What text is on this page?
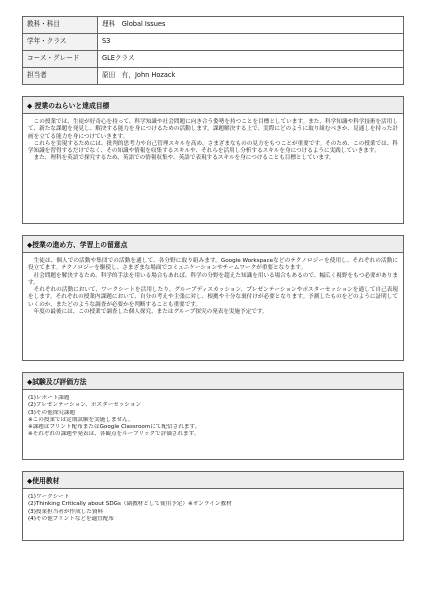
教科・科目	理科　Global Issues
学年・クラス	S3
コース・グレード	GLEクラス
担当者	原田　有，John Hozack
◆ 授業のねらいと達成目標

この授業では、生徒が好奇心を持って、科学知識や社会問題に向き合う姿勢を持つことを目標としています。また、科学知識や科学技術を活用して、新たな課題を発見し、解決する能力を身につけるための活動します。課題解決する上で、実際にどのように取り組むべきか、見通しを持った計画を立てる能力を身につけていきます。

これらを実現するためには、批判的思考力や自己管理スキルを高め、さまざまなものの見方をもつことが重要です。そのため、この授業では、科学知識を習得するだけでなく、その知識や情報を収集するスキルや、それらを活用し分析するスキルを身につけるように実践していきます。

また、理科を英語で探究するため、英語での情報収集や、英語で表現するスキルを身につけることも目標としています。

◆授業の進め方、学習上の留意点

生徒は、個人での活動や集団での活動を通して、各分野に取り組みます。Google Workspaceなどのテクノロジーを使用し、それぞれの活動に役立てます。テクノロジーを駆使し、さまざまな場面でコミュニケーションやチームワークが重要となります。

社会問題を解決するため、科学的手法を用いる場合もあれば、科学の分野を超えた知識を用いる場合もあるので、幅広く視野をもつ必要があります。

それぞれの活動において、ワークシートを活用したり、グループディスカッション、プレゼンテーションやポスターセッションを通して自己表現をします。それぞれの授業内課題において、自分の考えや主張に対し、根拠や十分な裏付けが必要となります。予測したものをどのように証明していくのか、またどのような調査が必要かを判断することも重要です。

年度の最後には、この授業で調査した個人探究、またはグループ探究の発表を実施予定です。

◆試験及び評価方法
(1)レポート課題
(2)プレゼンテーション、ポスターセッション
(3)その他探究課題
※この授業では定期試験を実施しません。
※課題はプリント配布またはGoogle Classroomにて配信されます。
※それぞれの課題や発表は、各観点をルーブリックで評価されます。
◆使用教材
(1)ワークシート
(2)Thinking Critically about SDGs（副教材として使用予定）※オンライン教材
(3)授業担当者が作成した資料
(4)その他プリントなどを適宜配布
